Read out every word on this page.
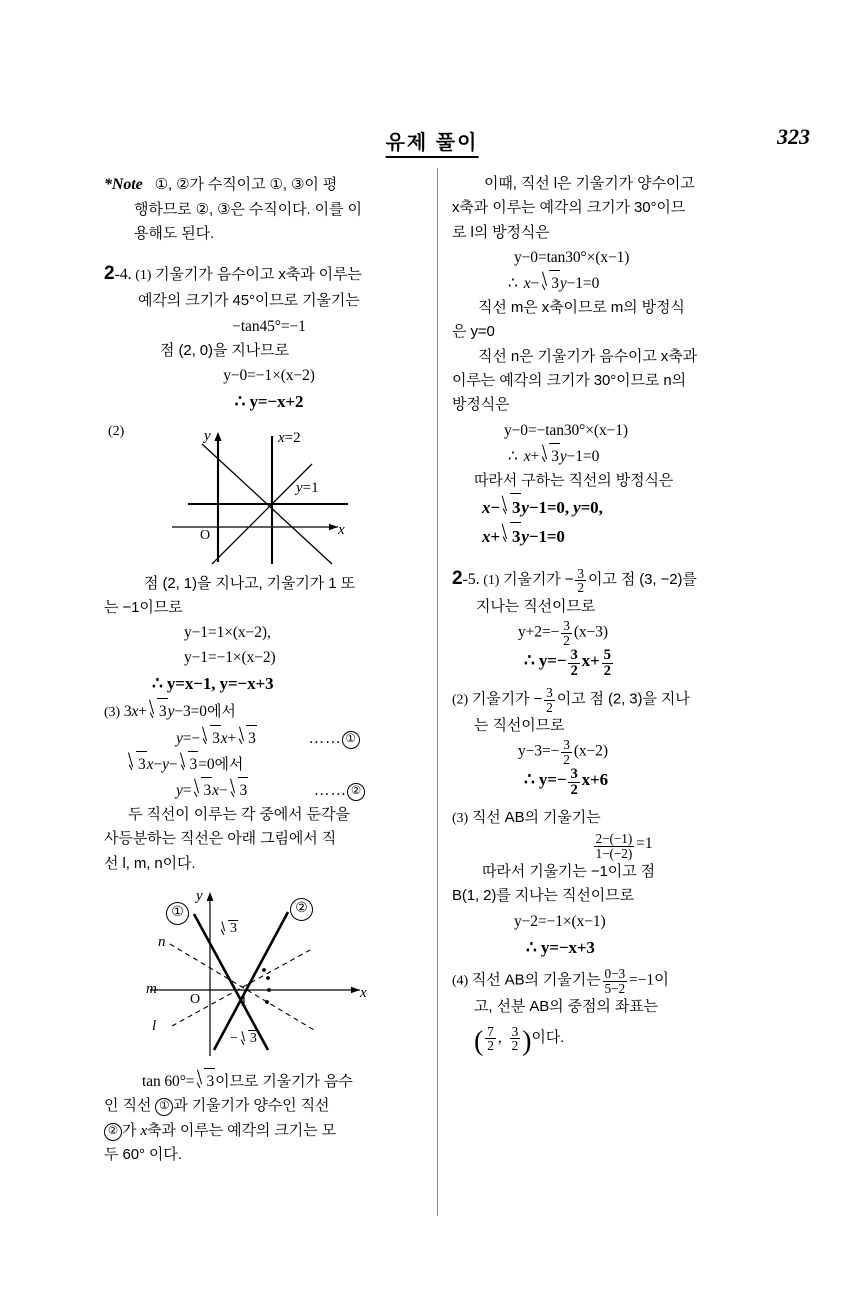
유제 풀이	323
*Note ①, ②가 수직이고 ①, ③이 평
행하므로 ②, ③은 수직이다. 이를 이
용해도 된다.
2-4. (1) 기울기가 음수이고 x축과 이루는
예각의 크기가 45°이므로 기울기는
−tan45°=−1
점 (2, 0)을 지나므로
y−0=−1×(x−2)
∴ y=−x+2
(2)	y
x
O
x=2
y=1
점 (2, 1)을 지나고, 기울기가 1 또
는 −1이므로
y−1=1×(x−2),
y−1=−1×(x−2)
∴ y=x−1, y=−x+3
(3) 3x+ 3y−3=0에서
y=− 3x+ 3	…… ①
3x−y− 3=0에서
y= 3x− 3	…… ②
두 직선이 이루는 각 중에서 둔각을
사등분하는 직선은 아래 그림에서 직
선 l, m, n이다.
y
x
O
①	②
l
m
n
3
− 3
1
tan 60°= 3이므로 기울기가 음수
인 직선 ① 과 기울기가 양수인 직선
② 가 x축과 이루는 예각의 크기는 모
두 60° 이다.
이때, 직선 l은 기울기가 양수이고
x축과 이루는 예각의 크기가 30°이므
로 l의 방정식은
y−0=tan30°×(x−1)
∴ x− 3y−1=0
직선 m은 x축이므로 m의 방정식
은 y=0
직선 n은 기울기가 음수이고 x축과
이루는 예각의 크기가 30°이므로 n의
방정식은
y−0=−tan30°×(x−1)
∴ x+ 3y−1=0
따라서 구하는 직선의 방정식은
x− 3y−1=0, y=0,
x+ 3y−1=0
2-5. (1) 기울기가 − $\frac{3}{2}$ 이고 점 (3, −2)를
지나는 직선이므로
$y+2=- \frac{3}{2} (x-3)$
∴ $y=- \frac{3}{2} x+ \frac{5}{2}$
(2) 기울기가 − $\frac{3}{2}$ 이고 점 (2, 3)을 지나
는 직선이므로
$y-3=- \frac{3}{2} (x-2)$
∴ $y=- \frac{3}{2} x+6$
(3) 직선 AB의 기울기는
$\frac{2-(-1)}{1-(-2)} =1$
따라서 기울기는 −1이고 점
B(1, 2)를 지나는 직선이므로
y−2=−1×(x−1)
∴ y=−x+3
(4) 직선 AB의 기울기는 $\frac{0-3}{5-2} =-1$이
고, 선분 AB의 중점의 좌표는
( $\frac{7}{2}$ , $\frac{3}{2}$ )이다.
